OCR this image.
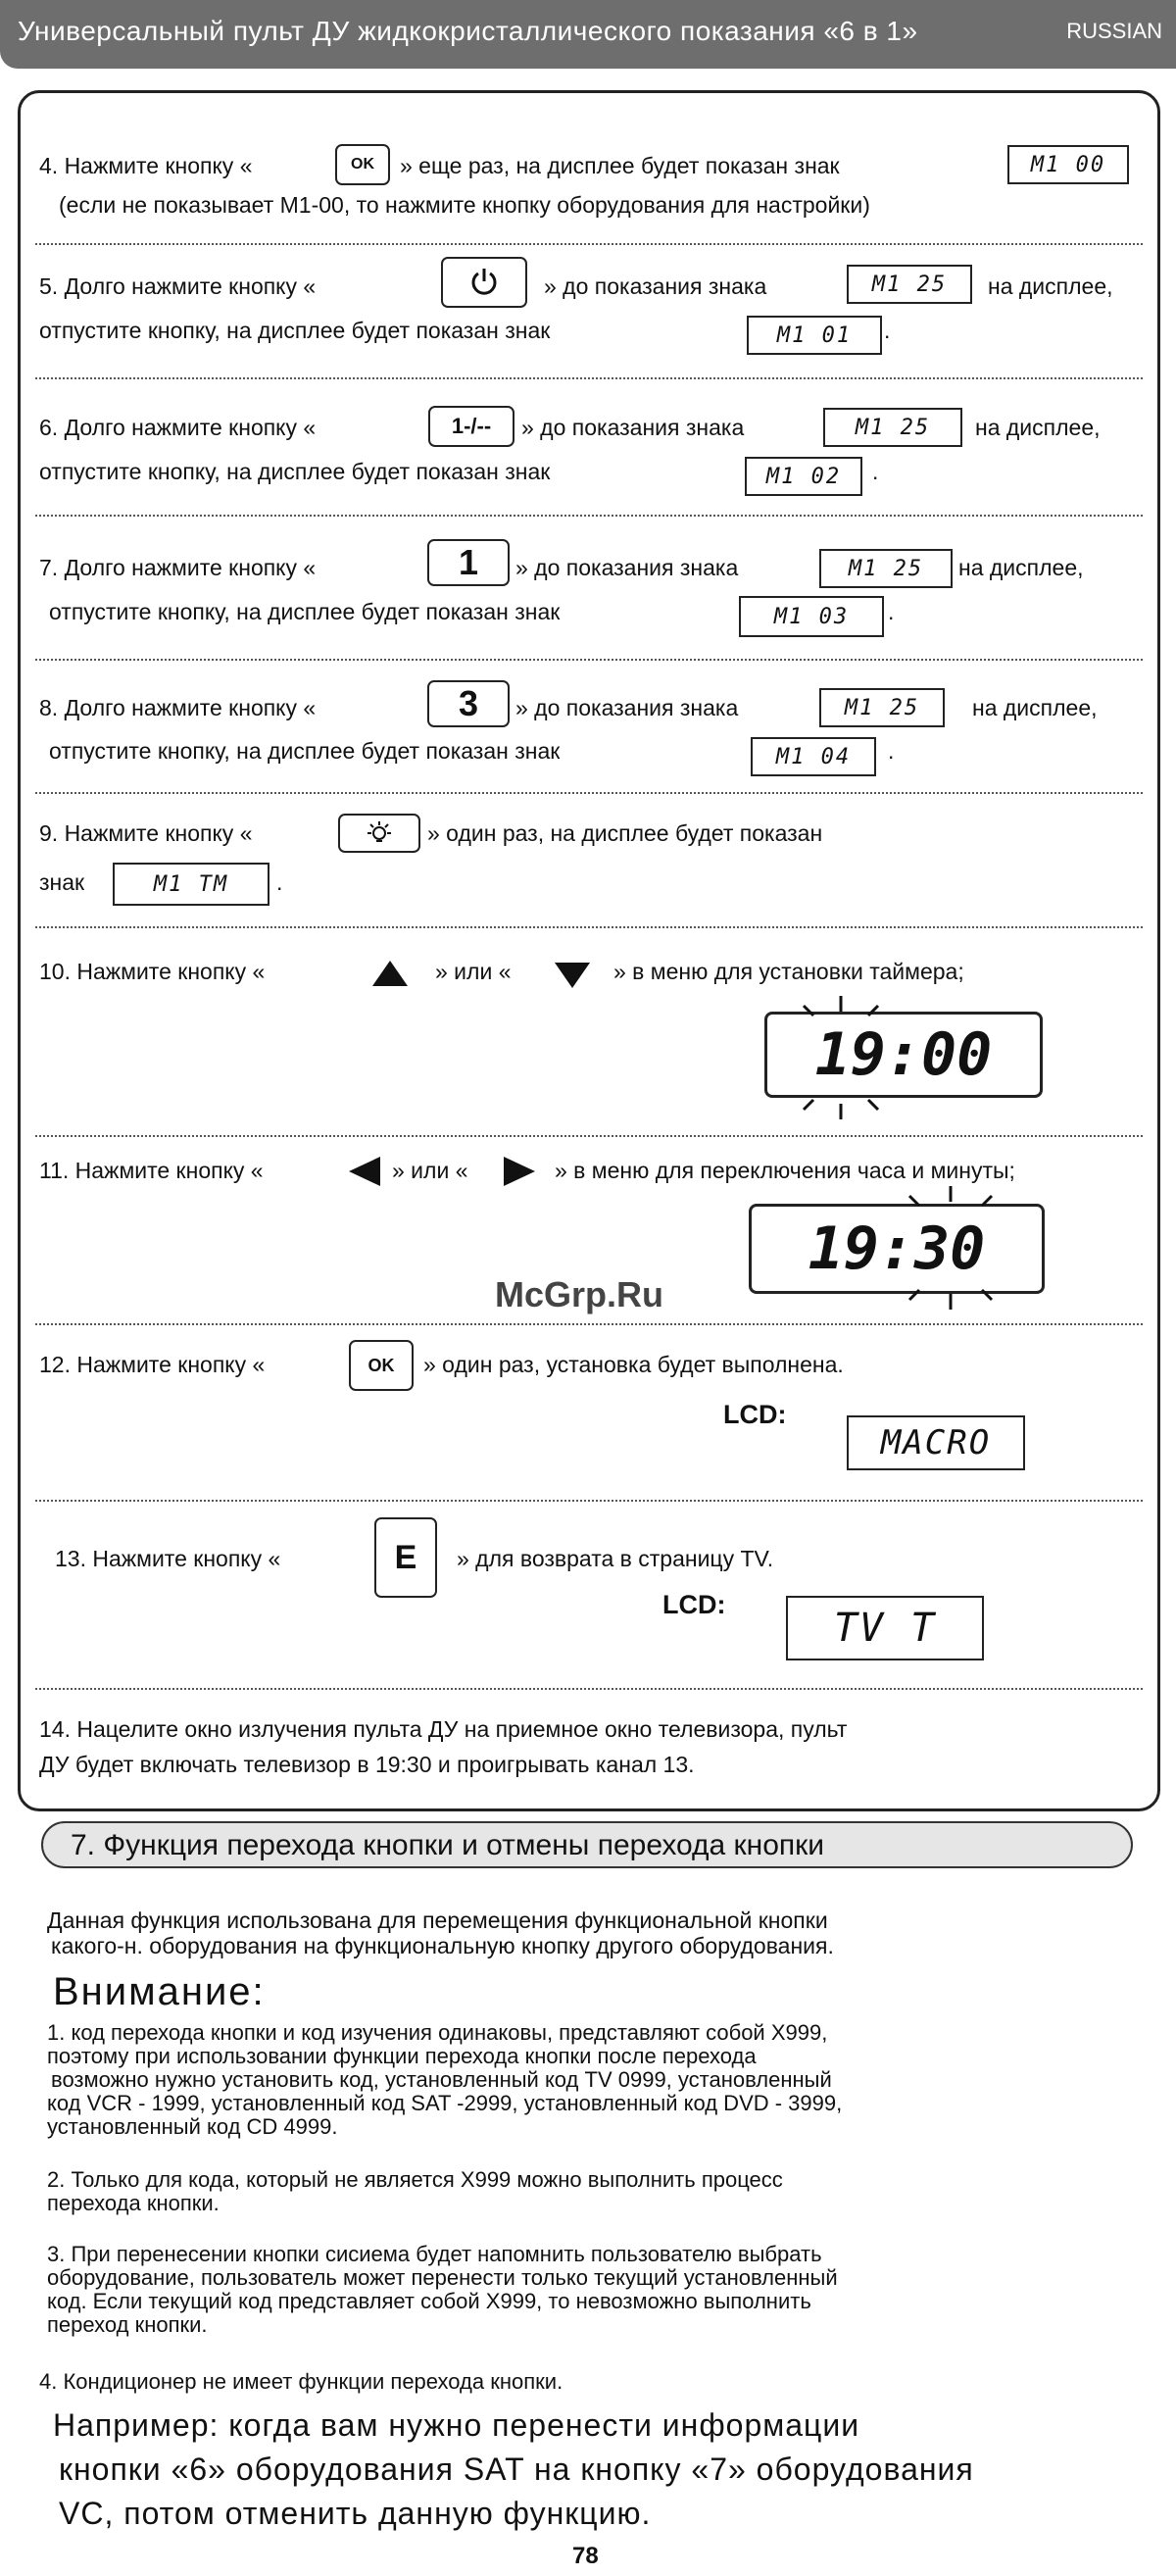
Универсальный пульт ДУ жидкокристаллического показания «6 в 1»	RUSSIAN
4. Нажмите кнопку «	OK	» еще раз, на дисплее будет показан знак	M1 00
(если не показывает М1-00, то нажмите кнопку оборудования для настройки)
5. Долго нажмите кнопку «	» до показания знака	M1 25	на дисплее,
отпустите кнопку, на дисплее будет показан знак	M1 01	.
6. Долго нажмите кнопку «	1-/--	» до показания знака	M1 25	на дисплее,
отпустите кнопку, на дисплее будет показан знак	M1 02	.
7. Долго нажмите кнопку «	1	» до показания знака	M1 25	на дисплее,
отпустите кнопку, на дисплее будет показан знак	M1 03	.
8. Долго нажмите кнопку «	3	» до показания знака	M1 25	на дисплее,
отпустите кнопку, на дисплее будет показан знак	M1 04	.
9. Нажмите кнопку «	» один раз, на дисплее будет показан
знак	M1 TM	.
10. Нажмите кнопку «	» или «	» в меню для установки таймера;
19:00
11. Нажмите кнопку «	» или «	» в меню для переключения часа и минуты;
19:30
McGrp.Ru
12. Нажмите кнопку «	OK	» один раз, установка будет выполнена.
LCD:
MACRO
13. Нажмите кнопку «	E	» для возврата в страницу TV.
LCD:
TV T
14. Нацелите окно излучения пульта ДУ на приемное окно телевизора, пульт
ДУ будет включать телевизор в 19:30 и проигрывать канал 13.
7. Функция перехода кнопки и отмены перехода кнопки
Данная функция использована для перемещения функциональной кнопки
какого-н. оборудования на функциональную кнопку другого оборудования.
Внимание:
1. код перехода кнопки и код изучения одинаковы, представляют собой Х999,
поэтому при использовании функции перехода кнопки после перехода
возможно нужно установить код, установленный код TV 0999, установленный
код VCR - 1999, установленный код SAT -2999, установленный код DVD - 3999,
установленный код CD 4999.
2. Только для кода, который не является Х999 можно выполнить процесс
перехода кнопки.
3. При перенесении кнопки сисиема будет напомнить пользователю выбрать
оборудование, пользователь может перенести только текущий установленный
код. Если текущий код представляет собой Х999, то невозможно выполнить
переход кнопки.
4. Кондиционер не имеет функции перехода кнопки.
Например: когда вам нужно перенести информации
кнопки «6» оборудования SAT на кнопку «7» оборудования
VC, потом отменить данную функцию.
78
